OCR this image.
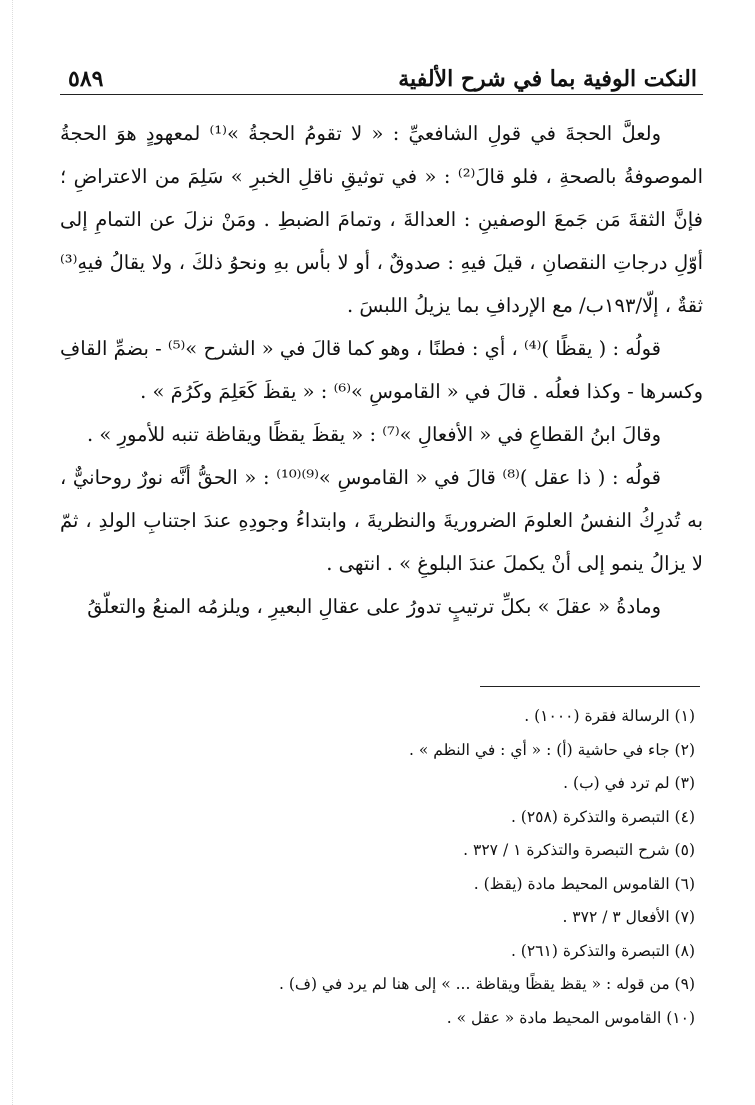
النكت الوفية بما في شرح الألفية
٥٨٩

ولعلَّ الحجةَ في قولِ الشافعيِّ : « لا تقومُ الحجةُ »⁽¹⁾ لمعهودٍ هوَ الحجةُ الموصوفةُ بالصحةِ ، فلو قالَ⁽²⁾ : « في توثيقِ ناقلِ الخبرِ » سَلِمَ من الاعتراضِ ؛ فإنَّ الثقةَ مَن جَمعَ الوصفينِ : العدالةَ ، وتمامَ الضبطِ . ومَنْ نزلَ عن التمامِ إلى أوّلِ درجاتِ النقصانِ ، قيلَ فيهِ : صدوقٌ ، أو لا بأس بهِ ونحوُ ذلكَ ، ولا يقالُ فيهِ⁽³⁾ ثقةٌ ، إلّا/١٩٣ب/ مع الإردافِ بما يزيلُ اللبسَ .

قولُه : ( يقظًا )⁽⁴⁾ ، أي : فطنًا ، وهو كما قالَ في « الشرح »⁽⁵⁾ - بضمِّ القافِ وكسرها - وكذا فعلُه . قالَ في « القاموسِ »⁽⁶⁾ : « يقظَ كَعَلِمَ وكَرُمَ » .

وقالَ ابنُ القطاعِ في « الأفعالِ »⁽⁷⁾ : « يقظَ يقظًا ويقاظة تنبه للأمورِ » .

قولُه : ( ذا عقل )⁽⁸⁾ قالَ في « القاموسِ »⁽⁹⁾⁽¹⁰⁾ : « الحقُّ أنَّه نورٌ روحانيٌّ ، به تُدرِكُ النفسُ العلومَ الضروريةَ والنظريةَ ، وابتداءُ وجودِهِ عندَ اجتنابِ الولدِ ، ثمّ لا يزالُ ينمو إلى أنْ يكملَ عندَ البلوغِ » . انتهى .

ومادةُ « عقلَ » بكلِّ ترتيبٍ تدورُ على عقالِ البعيرِ ، ويلزمُه المنعُ والتعلّقُ

(١) الرسالة فقرة (١٠٠٠) .
(٢) جاء في حاشية (أ) : « أي : في النظم » .
(٣) لم ترد في (ب) .
(٤) التبصرة والتذكرة (٢٥٨) .
(٥) شرح التبصرة والتذكرة ١ / ٣٢٧ .
(٦) القاموس المحيط مادة (يقظ) .
(٧) الأفعال ٣ / ٣٧٢ .
(٨) التبصرة والتذكرة (٢٦١) .
(٩) من قوله : « يقظ يقظًا ويقاظة ... » إلى هنا لم يرد في (ف) .
(١٠) القاموس المحيط مادة « عقل » .
